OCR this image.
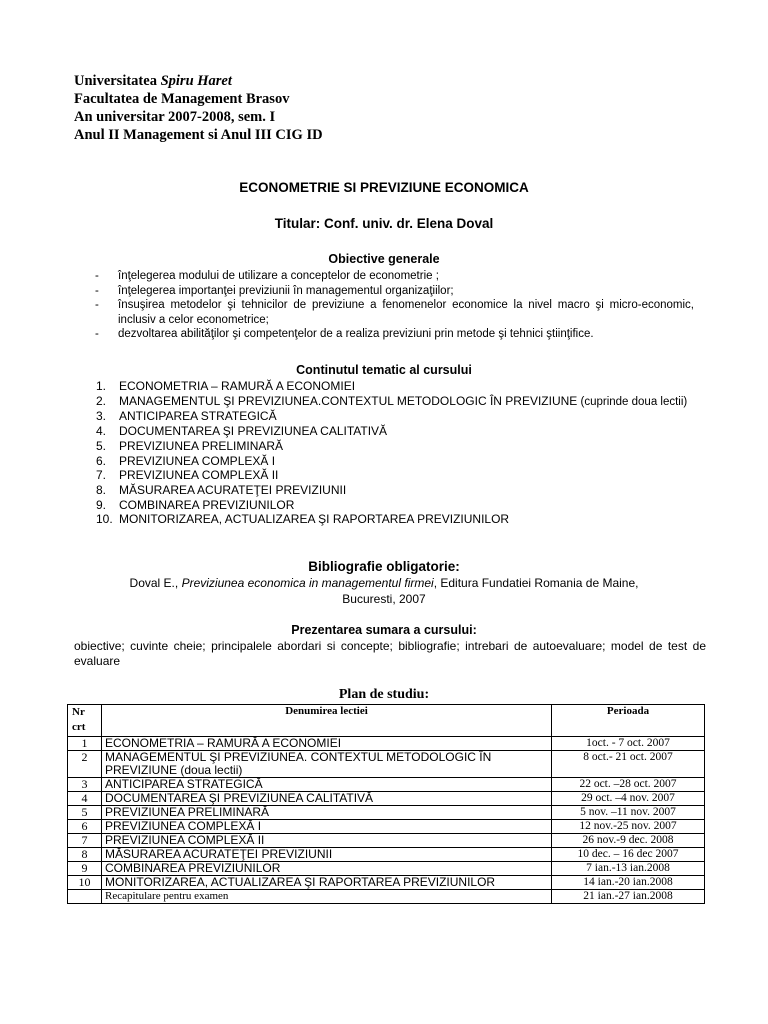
Universitatea Spiru Haret
Facultatea de Management Brasov
An universitar 2007-2008, sem. I
Anul II Management si Anul III CIG ID
ECONOMETRIE SI PREVIZIUNE ECONOMICA
Titular: Conf. univ. dr. Elena Doval
Obiective generale
- înţelegerea modului de utilizare a conceptelor de econometrie ;
- înţelegerea importanţei previziunii în managementul organizaţiilor;
- însuşirea metodelor şi tehnicilor de previziune a fenomenelor economice la nivel macro şi micro-economic, inclusiv a celor econometrice;
- dezvoltarea abilităţilor şi competenţelor de a realiza previziuni prin metode şi tehnici ştiinţifice.
Continutul tematic al cursului
1. ECONOMETRIA – RAMURĂ A ECONOMIEI
2. MANAGEMENTUL ŞI PREVIZIUNEA.CONTEXTUL METODOLOGIC ÎN PREVIZIUNE (cuprinde doua lectii)
3. ANTICIPAREA STRATEGICĂ
4. DOCUMENTAREA ŞI PREVIZIUNEA CALITATIVĂ
5. PREVIZIUNEA PRELIMINARĂ
6. PREVIZIUNEA COMPLEXĂ I
7. PREVIZIUNEA COMPLEXĂ II
8. MĂSURAREA ACURATEŢEI PREVIZIUNII
9. COMBINAREA PREVIZIUNILOR
10. MONITORIZAREA, ACTUALIZAREA ŞI RAPORTAREA PREVIZIUNILOR
Bibliografie obligatorie:
Doval E., Previziunea economica in managementul firmei, Editura Fundatiei Romania de Maine,
Bucuresti, 2007
Prezentarea sumara a cursului:
obiective; cuvinte cheie; principalele abordari si concepte; bibliografie; intrebari de autoevaluare; model de test de evaluare
Plan de studiu:
Nr crt	Denumirea lectiei	Perioada
1	ECONOMETRIA – RAMURĂ A ECONOMIEI	1oct. - 7 oct. 2007
2	MANAGEMENTUL ŞI PREVIZIUNEA. CONTEXTUL METODOLOGIC ÎN PREVIZIUNE (doua lectii)	8 oct.- 21 oct. 2007
3	ANTICIPAREA STRATEGICĂ	22 oct. –28 oct. 2007
4	DOCUMENTAREA ŞI PREVIZIUNEA CALITATIVĂ	29 oct. –4 nov. 2007
5	PREVIZIUNEA PRELIMINARĂ	5 nov. –11 nov. 2007
6	PREVIZIUNEA COMPLEXĂ I	12 nov.-25 nov. 2007
7	PREVIZIUNEA COMPLEXĂ II	26 nov.-9 dec. 2008
8	MĂSURAREA ACURATEŢEI PREVIZIUNII	10 dec. – 16 dec 2007
9	COMBINAREA PREVIZIUNILOR	7 ian.-13 ian.2008
10	MONITORIZAREA, ACTUALIZAREA ŞI RAPORTAREA PREVIZIUNILOR	14 ian.-20 ian.2008
	Recapitulare pentru examen	21 ian.-27 ian.2008
